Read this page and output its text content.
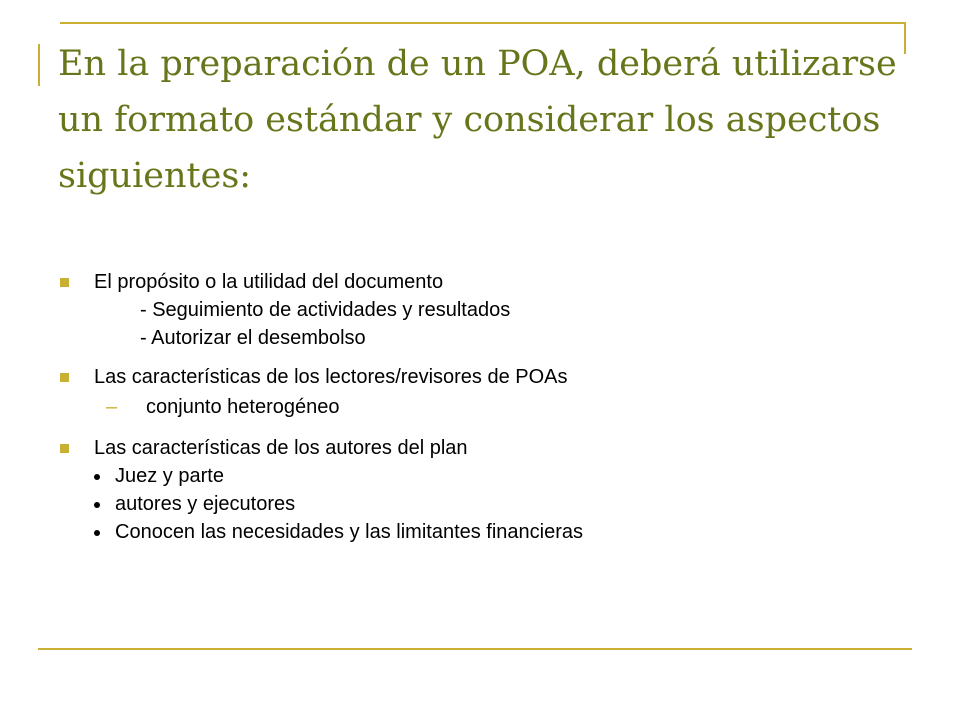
En la preparación de un POA, deberá utilizarse un formato estándar y considerar los aspectos siguientes:
El propósito o la utilidad del documento
- Seguimiento de actividades y resultados
- Autorizar el desembolso
Las características de los lectores/revisores de POAs
– conjunto heterogéneo
Las características de los autores del plan
Juez y parte
autores y ejecutores
Conocen las necesidades y las limitantes financieras
